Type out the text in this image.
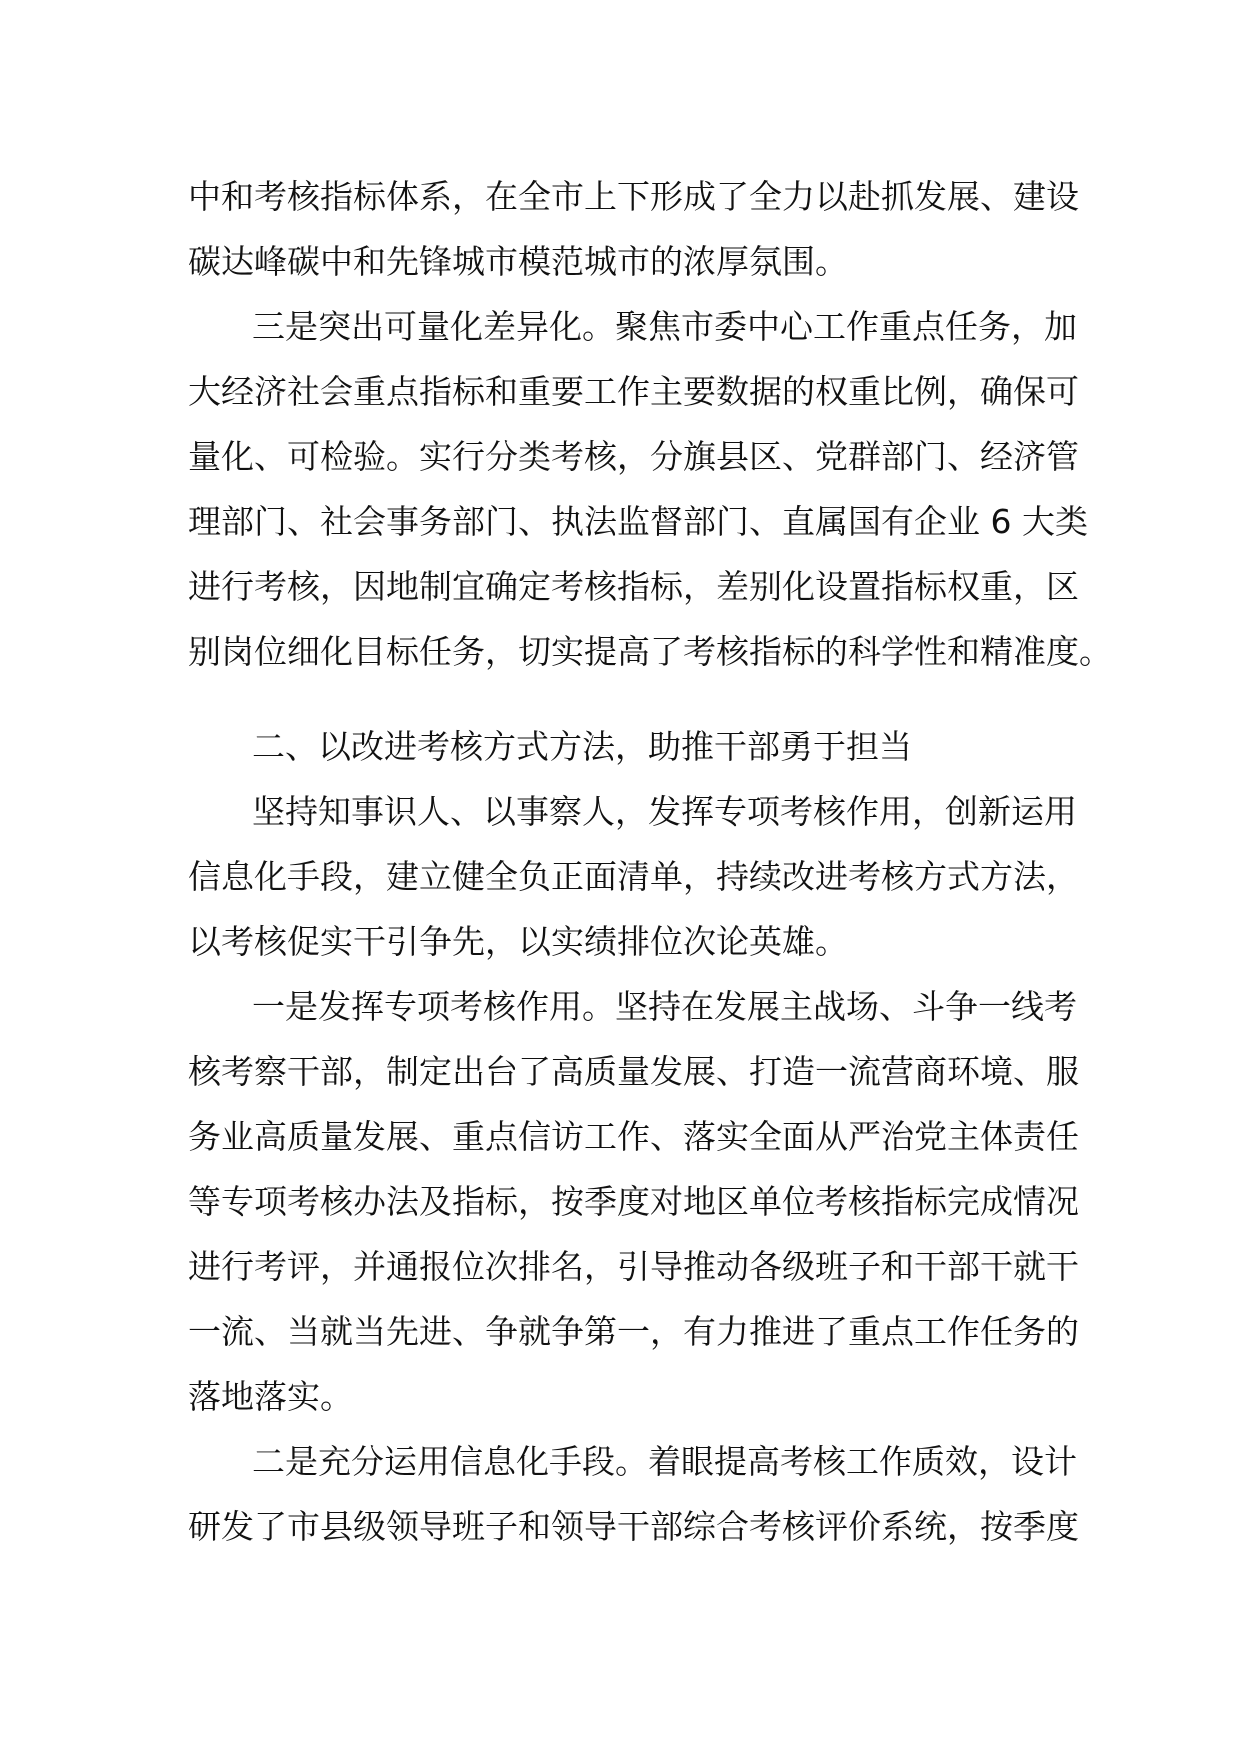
中和考核指标体系，在全市上下形成了全力以赴抓发展、建设
碳达峰碳中和先锋城市模范城市的浓厚氛围。
三是突出可量化差异化。聚焦市委中心工作重点任务，加
大经济社会重点指标和重要工作主要数据的权重比例，确保可
量化、可检验。实行分类考核，分旗县区、党群部门、经济管
理部门、社会事务部门、执法监督部门、直属国有企业 6 大类
进行考核，因地制宜确定考核指标，差别化设置指标权重，区
别岗位细化目标任务，切实提高了考核指标的科学性和精准度。
二、以改进考核方式方法，助推干部勇于担当
坚持知事识人、以事察人，发挥专项考核作用，创新运用
信息化手段，建立健全负正面清单，持续改进考核方式方法，
以考核促实干引争先，以实绩排位次论英雄。
一是发挥专项考核作用。坚持在发展主战场、斗争一线考
核考察干部，制定出台了高质量发展、打造一流营商环境、服
务业高质量发展、重点信访工作、落实全面从严治党主体责任
等专项考核办法及指标，按季度对地区单位考核指标完成情况
进行考评，并通报位次排名，引导推动各级班子和干部干就干
一流、当就当先进、争就争第一，有力推进了重点工作任务的
落地落实。
二是充分运用信息化手段。着眼提高考核工作质效，设计
研发了市县级领导班子和领导干部综合考核评价系统，按季度
